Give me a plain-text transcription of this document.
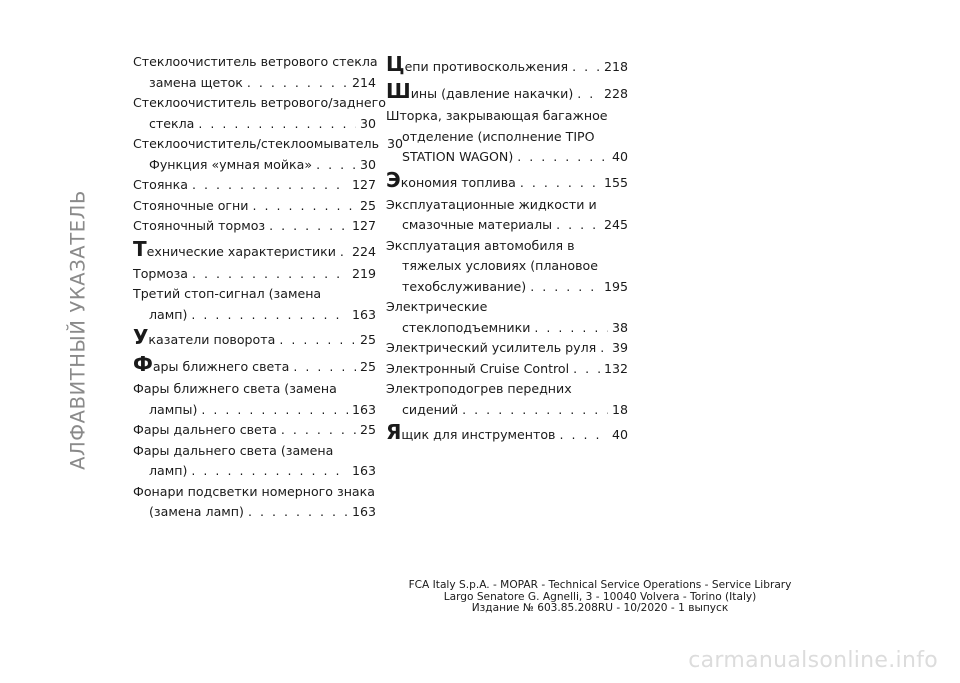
АЛФАВИТНЫЙ УКАЗАТЕЛЬ
Стеклоочиститель ветрового стекла
замена щеток . . .	214
Стеклоочиститель ветрового/заднего
стекла . . .	30
Стеклоочиститель/стеклоомыватель 30
Функция «умная мойка» . . .	30
Стоянка . . .	127
Стояночные огни . . .	25
Стояночный тормоз . . .	127
Т ехнические характеристики . . . 224
Тормоза . . .	219
Третий стоп-сигнал (замена
ламп) . . .	163
У казатели поворота . . .	25
Ф ары ближнего света . . .	25
Фары ближнего света (замена
лампы) . . .	163
Фары дальнего света . . .	25
Фары дальнего света (замена
ламп) . . .	163
Фонари подсветки номерного знака
(замена ламп) . . .	163
Ц епи противоскольжения . . .	218
Ш ины (давление накачки) . . . 228
Шторка, закрывающая багажное
отделение (исполнение TIPO
STATION WAGON) . . .	40
Э кономия топлива . . .	155
Эксплуатационные жидкости и
смазочные материалы . . .	245
Эксплуатация автомобиля в
тяжелых условиях (плановое
техобслуживание) . . .	195
Электрические
стеклоподъемники . . .	38
Электрический усилитель руля . . . 39
Электронный Cruise Control . . .	132
Электроподогрев передних
сидений . . .	18
Я щик для инструментов . . .	40
FCA Italy S.p.A. - MOPAR - Technical Service Operations - Service Library
Largo Senatore G. Agnelli, 3 - 10040 Volvera - Torino (Italy)
Издание № 603.85.208RU - 10/2020 - 1 выпуск
carmanualsonline.info
